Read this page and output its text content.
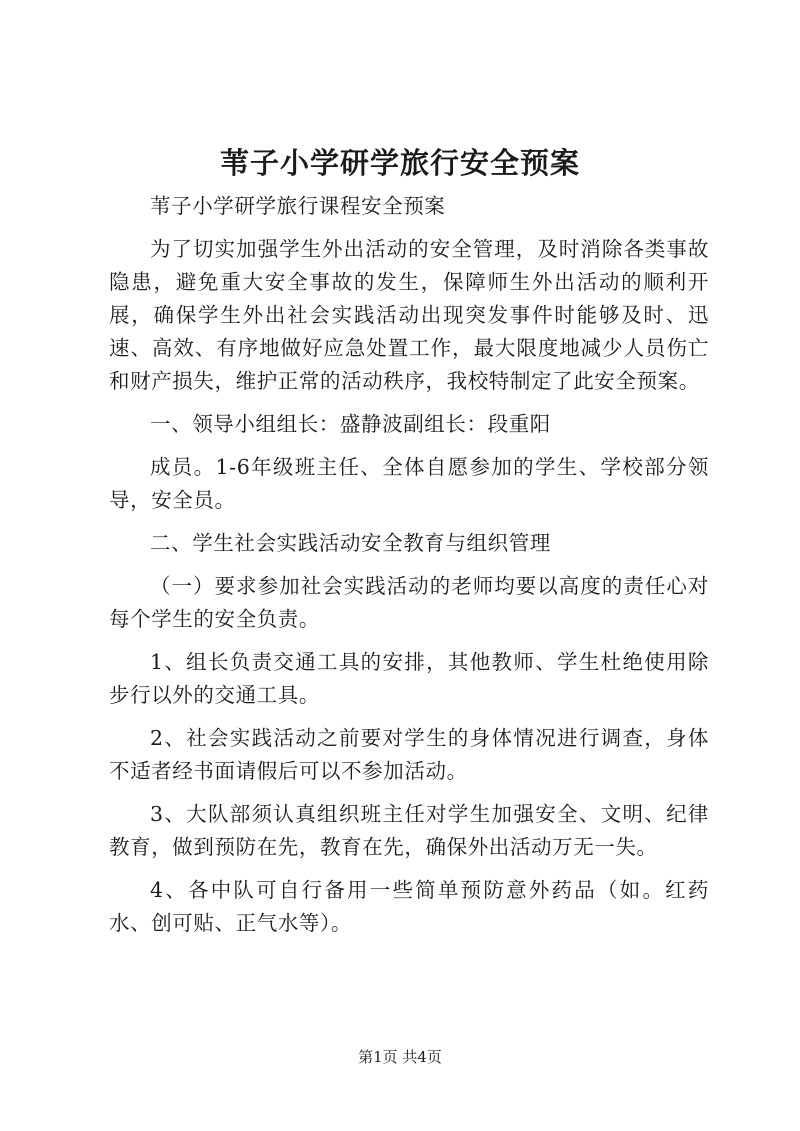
苇子小学研学旅行安全预案

苇子小学研学旅行课程安全预案

为了切实加强学生外出活动的安全管理，及时消除各类事故隐患，避免重大安全事故的发生，保障师生外出活动的顺利开展，确保学生外出社会实践活动出现突发事件时能够及时、迅速、高效、有序地做好应急处置工作，最大限度地减少人员伤亡和财产损失，维护正常的活动秩序，我校特制定了此安全预案。

一、领导小组组长：盛静波副组长：段重阳

成员。1-6年级班主任、全体自愿参加的学生、学校部分领导，安全员。

二、学生社会实践活动安全教育与组织管理

（一）要求参加社会实践活动的老师均要以高度的责任心对每个学生的安全负责。

1、组长负责交通工具的安排，其他教师、学生杜绝使用除步行以外的交通工具。

2、社会实践活动之前要对学生的身体情况进行调查，身体不适者经书面请假后可以不参加活动。

3、大队部须认真组织班主任对学生加强安全、文明、纪律教育，做到预防在先，教育在先，确保外出活动万无一失。

4、各中队可自行备用一些简单预防意外药品（如。红药水、创可贴、正气水等）。

第1页 共4页
